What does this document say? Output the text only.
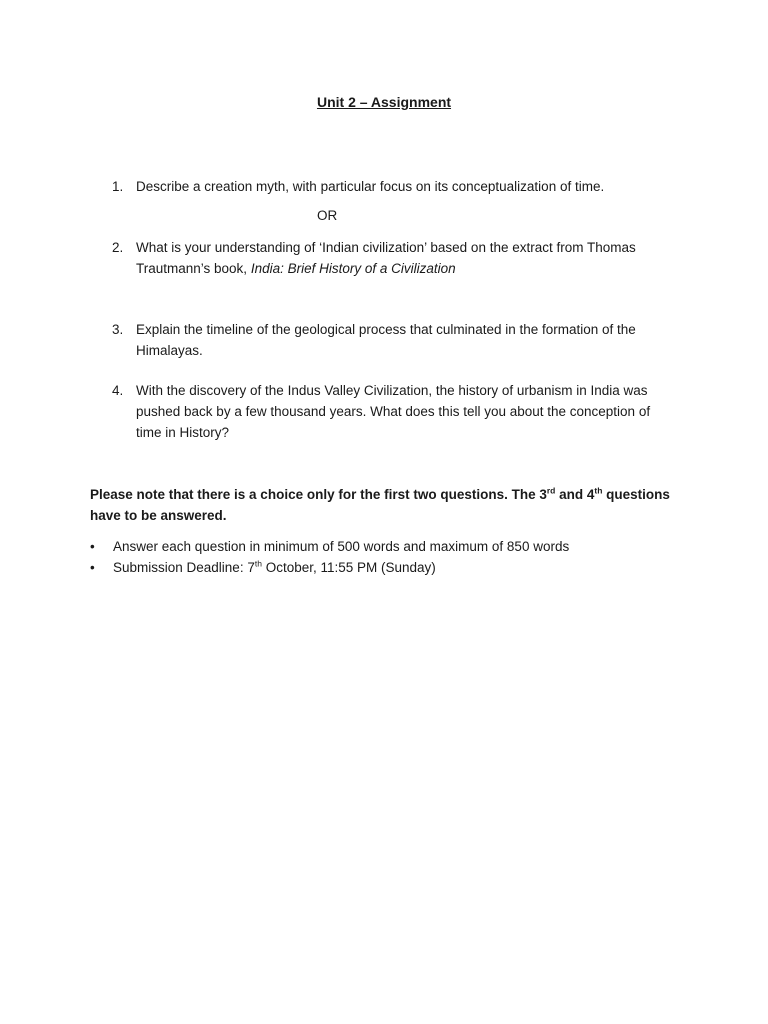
Unit 2 – Assignment
1. Describe a creation myth, with particular focus on its conceptualization of time.
OR
2. What is your understanding of ‘Indian civilization’ based on the extract from Thomas Trautmann’s book, India: Brief History of a Civilization
3. Explain the timeline of the geological process that culminated in the formation of the Himalayas.
4. With the discovery of the Indus Valley Civilization, the history of urbanism in India was pushed back by a few thousand years. What does this tell you about the conception of time in History?
Please note that there is a choice only for the first two questions. The 3rd and 4th questions have to be answered.
• Answer each question in minimum of 500 words and maximum of 850 words
• Submission Deadline: 7th October, 11:55 PM (Sunday)
